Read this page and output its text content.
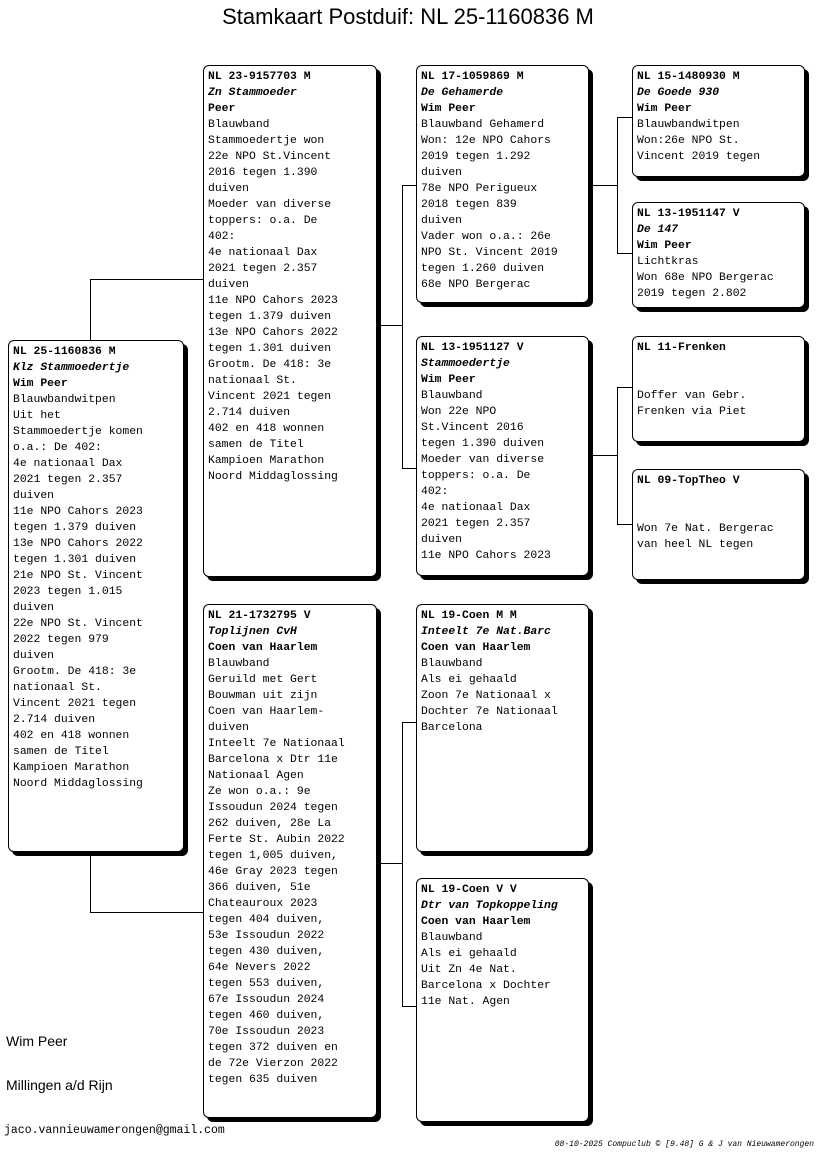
Stamkaart Postduif: NL 25-1160836 M
NL 25-1160836 M
Klz Stammoedertje
Wim Peer
Blauwbandwitpen
Uit het
Stammoedertje komen
o.a.: De 402:
4e nationaal Dax
2021 tegen 2.357
duiven
11e NPO Cahors 2023
tegen 1.379 duiven
13e NPO Cahors 2022
tegen 1.301 duiven
21e NPO St. Vincent
2023 tegen 1.015
duiven
22e NPO St. Vincent
2022 tegen 979
duiven
Grootm. De 418: 3e
nationaal St.
Vincent 2021 tegen
2.714 duiven
402 en 418 wonnen
samen de Titel
Kampioen Marathon
Noord Middaglossing
NL 23-9157703 M
Zn Stammoeder
Peer
Blauwband
Stammoedertje won
22e NPO St.Vincent
2016 tegen 1.390
duiven
Moeder van diverse
toppers: o.a. De
402:
4e nationaal Dax
2021 tegen 2.357
duiven
11e NPO Cahors 2023
tegen 1.379 duiven
13e NPO Cahors 2022
tegen 1.301 duiven
Grootm. De 418: 3e
nationaal St.
Vincent 2021 tegen
2.714 duiven
402 en 418 wonnen
samen de Titel
Kampioen Marathon
Noord Middaglossing
NL 21-1732795 V
Toplijnen CvH
Coen van Haarlem
Blauwband
Geruild met Gert
Bouwman uit zijn
Coen van Haarlem-
duiven
Inteelt 7e Nationaal
Barcelona x Dtr 11e
Nationaal Agen
Ze won o.a.: 9e
Issoudun 2024 tegen
262 duiven, 28e La
Ferte St. Aubin 2022
tegen 1,005 duiven,
46e Gray 2023 tegen
366 duiven, 51e
Chateauroux 2023
tegen 404 duiven,
53e Issoudun 2022
tegen 430 duiven,
64e Nevers 2022
tegen 553 duiven,
67e Issoudun 2024
tegen 460 duiven,
70e Issoudun 2023
tegen 372 duiven en
de 72e Vierzon 2022
tegen 635 duiven
NL 17-1059869 M
De Gehamerde
Wim Peer
Blauwband Gehamerd
Won: 12e NPO Cahors
2019 tegen 1.292
duiven
78e NPO Perigueux
2018 tegen 839
duiven
Vader won o.a.: 26e
NPO St. Vincent 2019
tegen 1.260 duiven
68e NPO Bergerac
NL 13-1951127 V
Stammoedertje
Wim Peer
Blauwband
Won 22e NPO
St.Vincent 2016
tegen 1.390 duiven
Moeder van diverse
toppers: o.a. De
402:
4e nationaal Dax
2021 tegen 2.357
duiven
11e NPO Cahors 2023
NL 19-Coen M M
Inteelt 7e Nat.Barc
Coen van Haarlem
Blauwband
Als ei gehaald
Zoon 7e Nationaal x
Dochter 7e Nationaal
Barcelona
NL 19-Coen V V
Dtr van Topkoppeling
Coen van Haarlem
Blauwband
Als ei gehaald
Uit Zn 4e Nat.
Barcelona x Dochter
11e Nat. Agen
NL 15-1480930 M
De Goede 930
Wim Peer
Blauwbandwitpen
Won:26e NPO St.
Vincent 2019 tegen
NL 13-1951147 V
De 147
Wim Peer
Lichtkras
Won 68e NPO Bergerac
2019 tegen 2.802
NL 11-Frenken

Doffer van Gebr.
Frenken via Piet
NL 09-TopTheo V

Won 7e Nat. Bergerac
van heel NL tegen
Wim Peer
Millingen a/d Rijn
jaco.vannieuwamerongen@gmail.com
08-10-2025 Compuclub © [9.48] G & J van Nieuwamerongen
